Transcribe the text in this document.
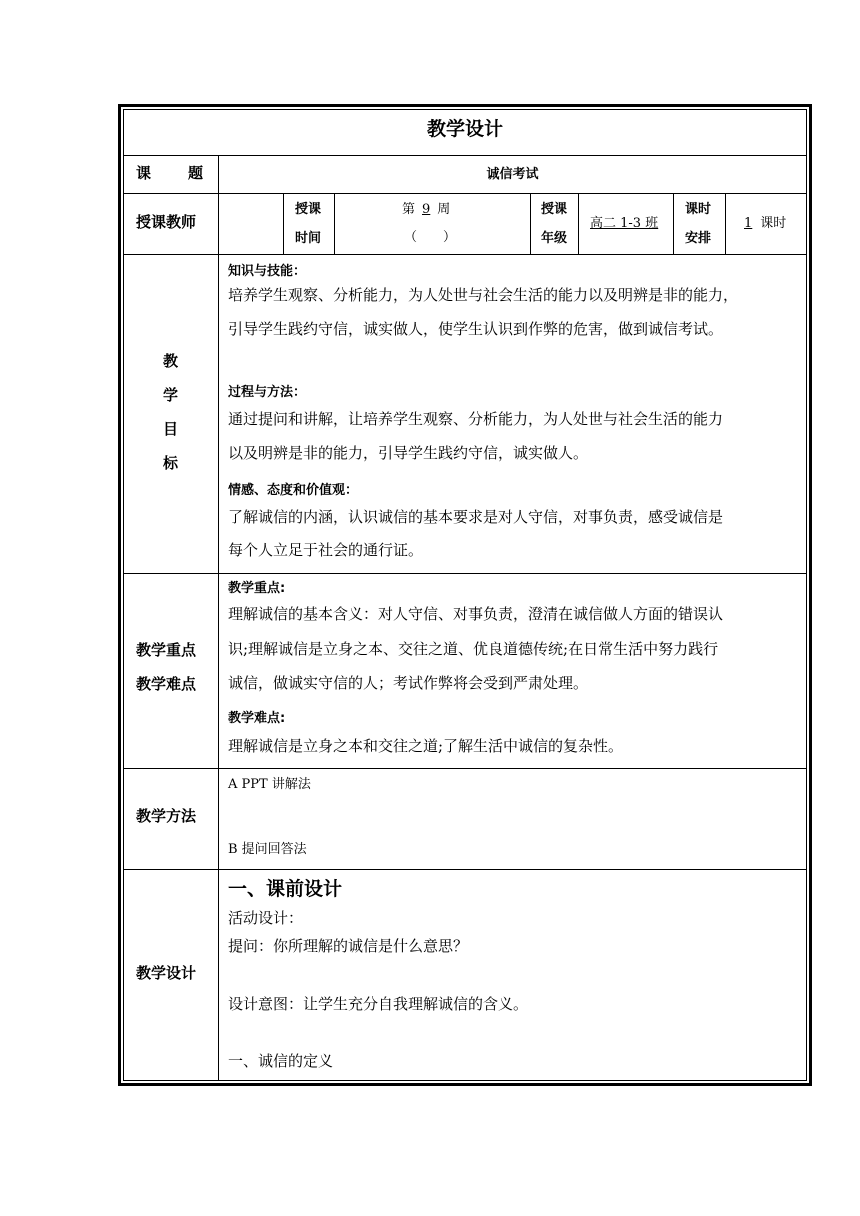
教学设计
课 题	诚信考试
授课教师
授课
时间
第 9 周
（　　）
授课
年级
高二 1-3 班
课时
安排
1 课时
教
学
目
标
知识与技能：
培养学生观察、分析能力，为人处世与社会生活的能力以及明辨是非的能力，
引导学生践约守信，诚实做人，使学生认识到作弊的危害，做到诚信考试。
过程与方法：
通过提问和讲解，让培养学生观察、分析能力，为人处世与社会生活的能力
以及明辨是非的能力，引导学生践约守信，诚实做人。
情感、态度和价值观：
了解诚信的内涵，认识诚信的基本要求是对人守信，对事负责，感受诚信是
每个人立足于社会的通行证。
教学重点
教学难点
教学重点:
理解诚信的基本含义：对人守信、对事负责，澄清在诚信做人方面的错误认
识;理解诚信是立身之本、交往之道、优良道德传统;在日常生活中努力践行
诚信，做诚实守信的人；考试作弊将会受到严肃处理。
教学难点:
理解诚信是立身之本和交往之道;了解生活中诚信的复杂性。
教学方法
A PPT 讲解法
B 提问回答法
教学设计
一、课前设计
活动设计：
提问：你所理解的诚信是什么意思？
设计意图：让学生充分自我理解诚信的含义。
一、诚信的定义
